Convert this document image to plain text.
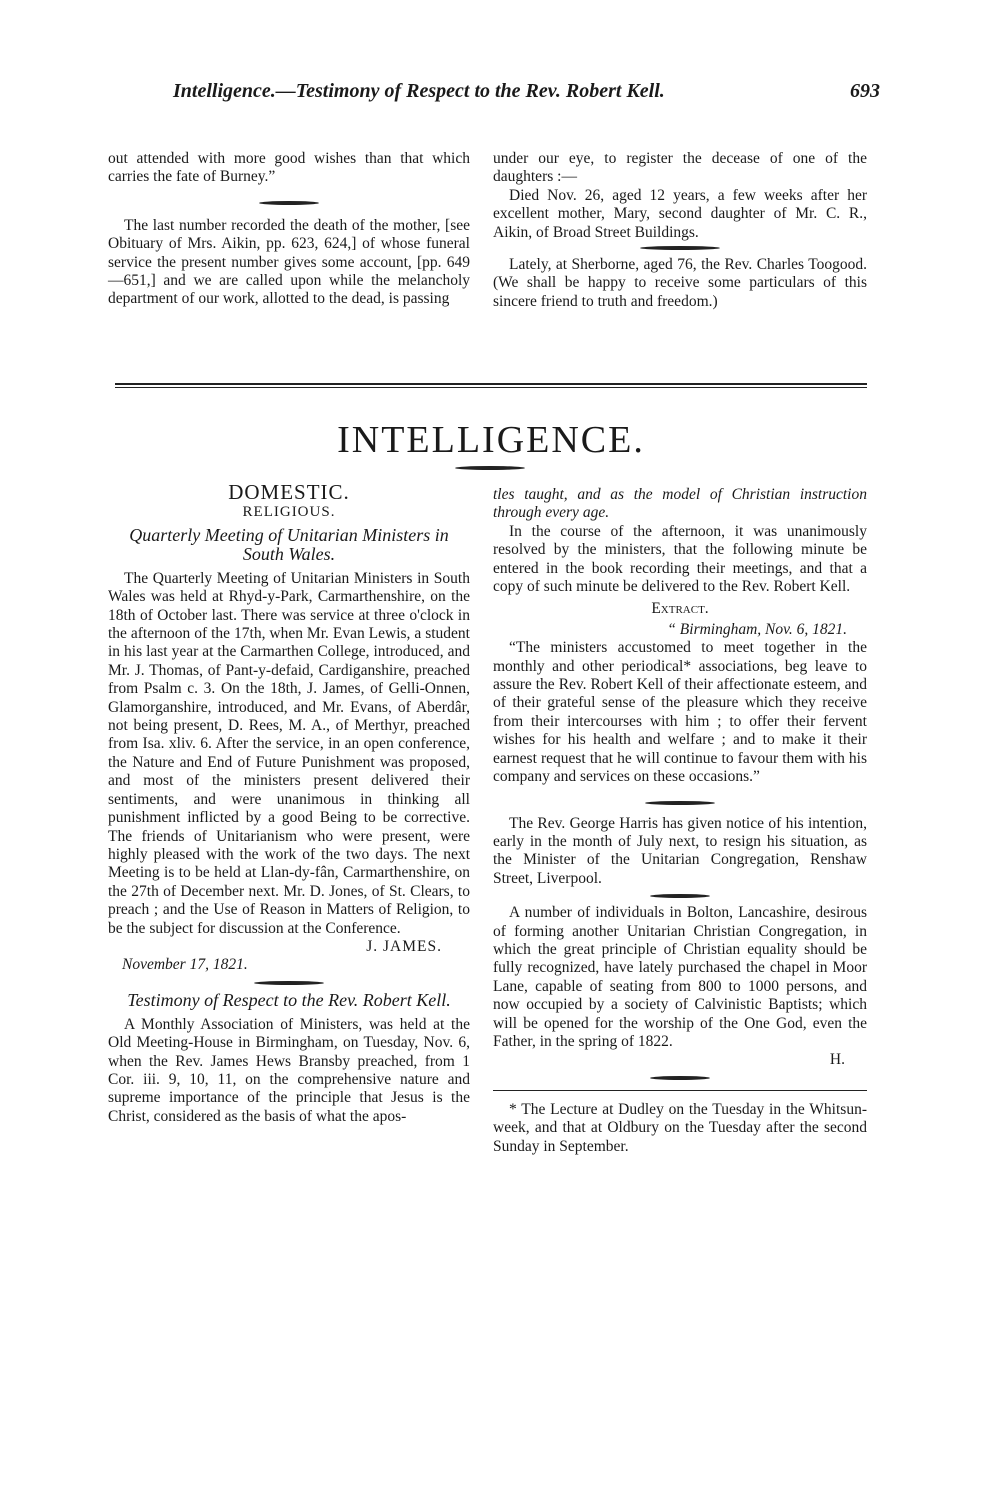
Intelligence.—Testimony of Respect to the Rev. Robert Kell.	693

out attended with more good wishes than that which carries the fate of Burney.”

The last number recorded the death of the mother, [see Obituary of Mrs. Aikin, pp. 623, 624,] of whose funeral service the present number gives some account, [pp. 649—651,] and we are called upon while the melancholy department of our work, allotted to the dead, is passing

under our eye, to register the decease of one of the daughters :—

Died Nov. 26, aged 12 years, a few weeks after her excellent mother, Mary, second daughter of Mr. C. R., Aikin, of Broad Street Buildings.

Lately, at Sherborne, aged 76, the Rev. Charles Toogood. (We shall be happy to receive some particulars of this sincere friend to truth and freedom.)

INTELLIGENCE.
DOMESTIC.
RELIGIOUS.
Quarterly Meeting of Unitarian Ministers in South Wales.

The Quarterly Meeting of Unitarian Ministers in South Wales was held at Rhyd-y-Park, Carmarthenshire, on the 18th of October last. There was service at three o'clock in the afternoon of the 17th, when Mr. Evan Lewis, a student in his last year at the Carmarthen College, introduced, and Mr. J. Thomas, of Pant-y-defaid, Cardiganshire, preached from Psalm c. 3. On the 18th, J. James, of Gelli-Onnen, Glamorganshire, introduced, and Mr. Evans, of Aberdâr, not being present, D. Rees, M. A., of Merthyr, preached from Isa. xliv. 6. After the service, in an open conference, the Nature and End of Future Punishment was proposed, and most of the ministers present delivered their sentiments, and were unanimous in thinking all punishment inflicted by a good Being to be corrective. The friends of Unitarianism who were present, were highly pleased with the work of the two days. The next Meeting is to be held at Llan-dy-fân, Carmarthenshire, on the 27th of December next. Mr. D. Jones, of St. Clears, to preach ; and the Use of Reason in Matters of Religion, to be the subject for discussion at the Conference.

J. JAMES.
November 17, 1821.
Testimony of Respect to the Rev. Robert Kell.

A Monthly Association of Ministers, was held at the Old Meeting-House in Birmingham, on Tuesday, Nov. 6, when the Rev. James Hews Bransby preached, from 1 Cor. iii. 9, 10, 11, on the comprehensive nature and supreme importance of the principle that Jesus is the Christ, considered as the basis of what the apos-

tles taught, and as the model of Christian instruction through every age.

In the course of the afternoon, it was unanimously resolved by the ministers, that the following minute be entered in the book recording their meetings, and that a copy of such minute be delivered to the Rev. Robert Kell.

Extract.
“ Birmingham, Nov. 6, 1821.

“The ministers accustomed to meet together in the monthly and other periodical* associations, beg leave to assure the Rev. Robert Kell of their affectionate esteem, and of their grateful sense of the pleasure which they receive from their intercourses with him ; to offer their fervent wishes for his health and welfare ; and to make it their earnest request that he will continue to favour them with his company and services on these occasions.”

The Rev. George Harris has given notice of his intention, early in the month of July next, to resign his situation, as the Minister of the Unitarian Congregation, Renshaw Street, Liverpool.

A number of individuals in Bolton, Lancashire, desirous of forming another Unitarian Christian Congregation, in which the great principle of Christian equality should be fully recognized, have lately purchased the chapel in Moor Lane, capable of seating from 800 to 1000 persons, and now occupied by a society of Calvinistic Baptists; which will be opened for the worship of the One God, even the Father, in the spring of 1822.

H.

* The Lecture at Dudley on the Tuesday in the Whitsun-week, and that at Oldbury on the Tuesday after the second Sunday in September.
